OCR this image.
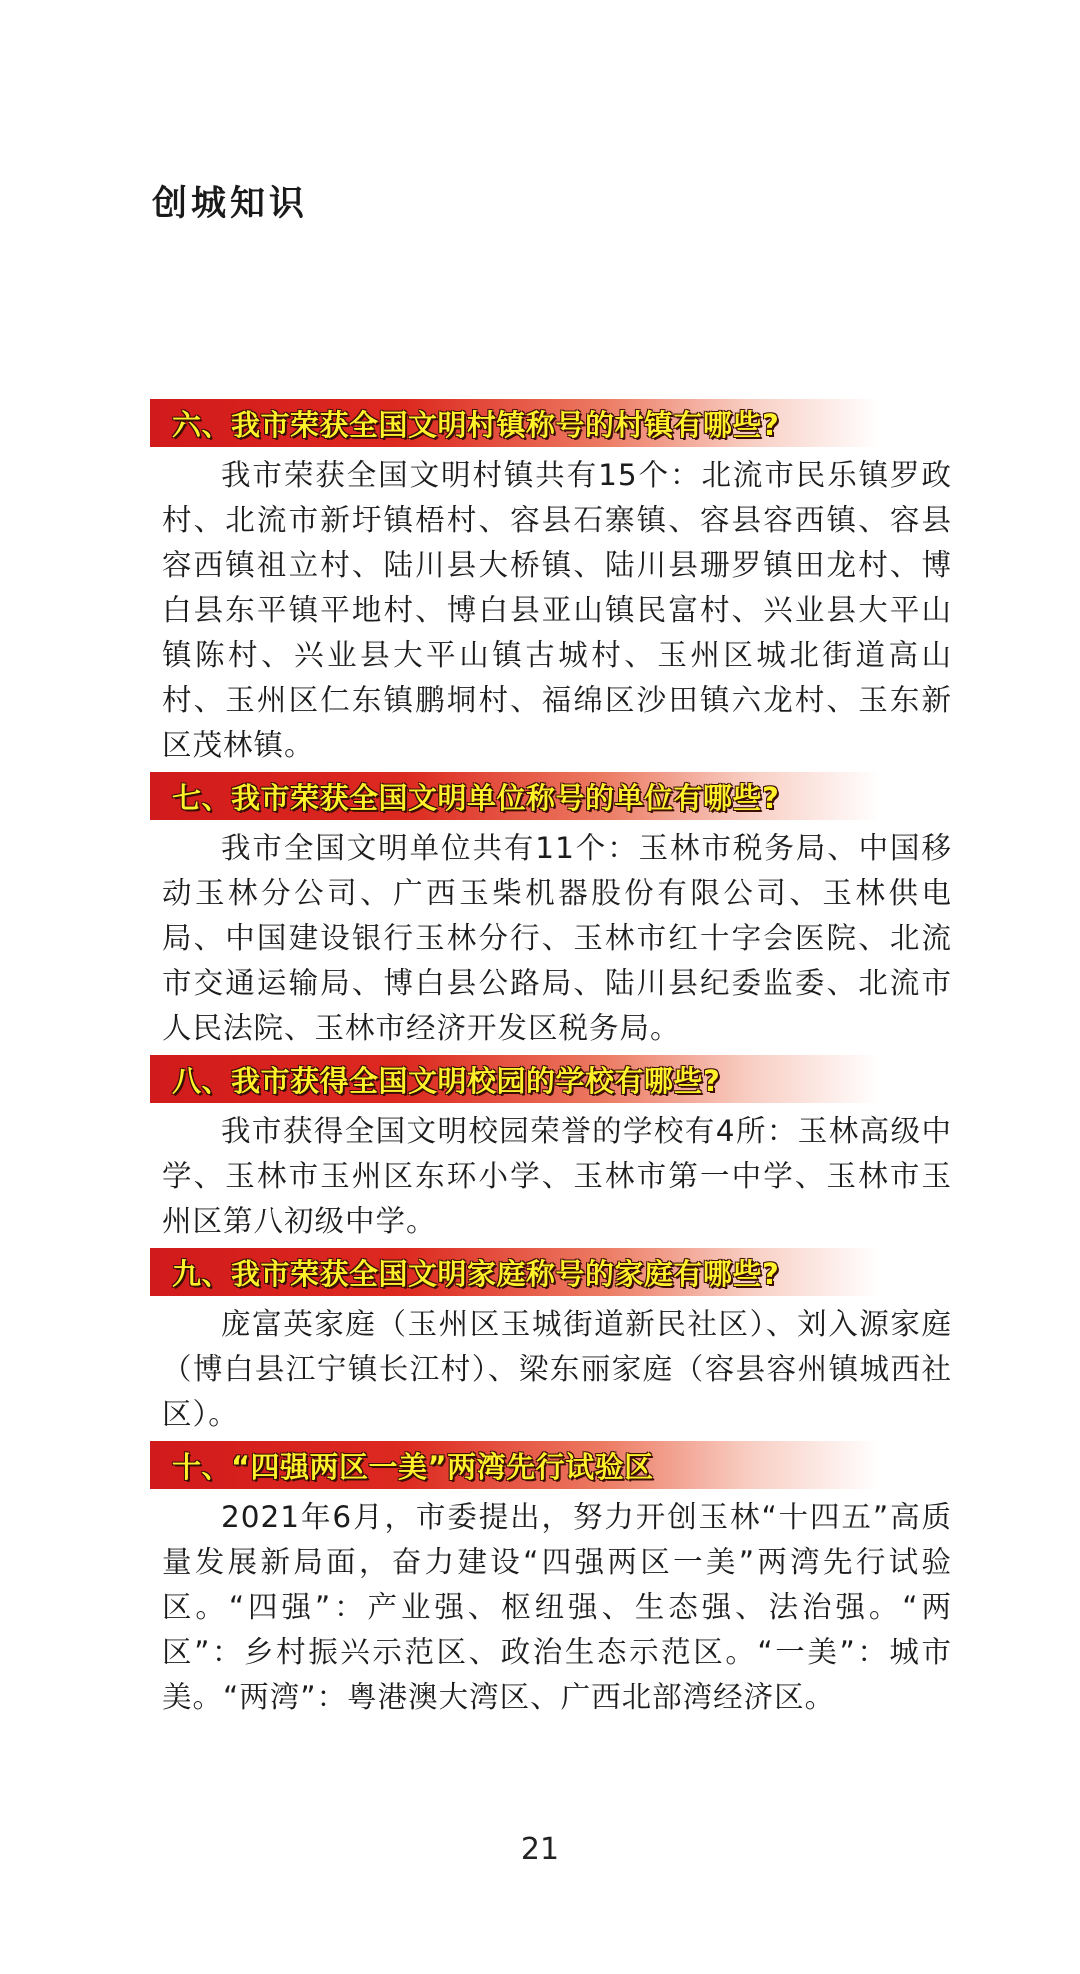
创城知识
六、我市荣获全国文明村镇称号的村镇有哪些?

我市荣获全国文明村镇共有15个：北流市民乐镇罗政村、北流市新圩镇梧村、容县石寨镇、容县容西镇、容县容西镇祖立村、陆川县大桥镇、陆川县珊罗镇田龙村、博白县东平镇平地村、博白县亚山镇民富村、兴业县大平山镇陈村、兴业县大平山镇古城村、玉州区城北街道高山村、玉州区仁东镇鹏垌村、福绵区沙田镇六龙村、玉东新区茂林镇。

七、我市荣获全国文明单位称号的单位有哪些?

我市全国文明单位共有11个：玉林市税务局、中国移动玉林分公司、广西玉柴机器股份有限公司、玉林供电局、中国建设银行玉林分行、玉林市红十字会医院、北流市交通运输局、博白县公路局、陆川县纪委监委、北流市人民法院、玉林市经济开发区税务局。

八、我市获得全国文明校园的学校有哪些?

我市获得全国文明校园荣誉的学校有4所：玉林高级中学、玉林市玉州区东环小学、玉林市第一中学、玉林市玉州区第八初级中学。

九、我市荣获全国文明家庭称号的家庭有哪些?

庞富英家庭（玉州区玉城街道新民社区）、刘入源家庭（博白县江宁镇长江村）、梁东丽家庭（容县容州镇城西社区）。

十、“四强两区一美”两湾先行试验区

2021年6月，市委提出，努力开创玉林“十四五”高质量发展新局面，奋力建设“四强两区一美”两湾先行试验区。“四强”：产业强、枢纽强、生态强、法治强。“两区”：乡村振兴示范区、政治生态示范区。“一美”：城市美。“两湾”：粤港澳大湾区、广西北部湾经济区。

21
